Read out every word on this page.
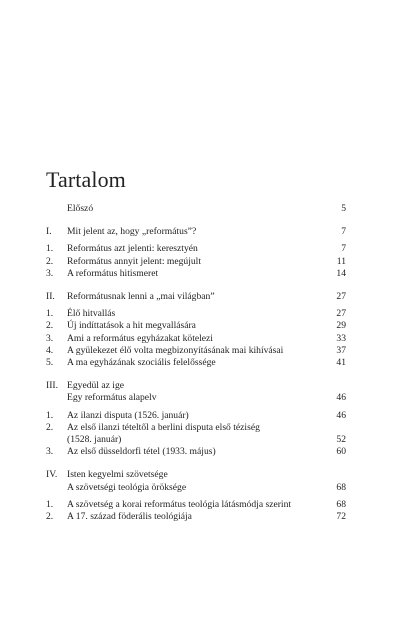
Tartalom
Előszó	5
I.	Mit jelent az, hogy „református”?	7
1.	Református azt jelenti: keresztyén	7
2.	Református annyit jelent: megújult	11
3.	A református hitismeret	14
II.	Reformátusnak lenni a „mai világban”	27
1.	Élő hitvallás	27
2.	Új indíttatások a hit megvallására	29
3.	Ami a református egyházakat kötelezi	33
4.	A gyülekezet élő volta megbizonyításának mai kihívásai	37
5.	A ma egyházának szociális felelőssége	41
III. Egyedül az ige
Egy református alapelv	46
1.	Az ilanzi disputa (1526. január)	46
2.	Az első ilanzi tételtől a berlini disputa első téziség
(1528. január)	52
3.	Az első düsseldorfi tétel (1933. május)	60
IV.	Isten kegyelmi szövetsége
A szövetségi teológia öröksége	68
1.	A szövetség a korai református teológia látásmódja szerint	68
2.	A 17. század föderális teológiája	72
